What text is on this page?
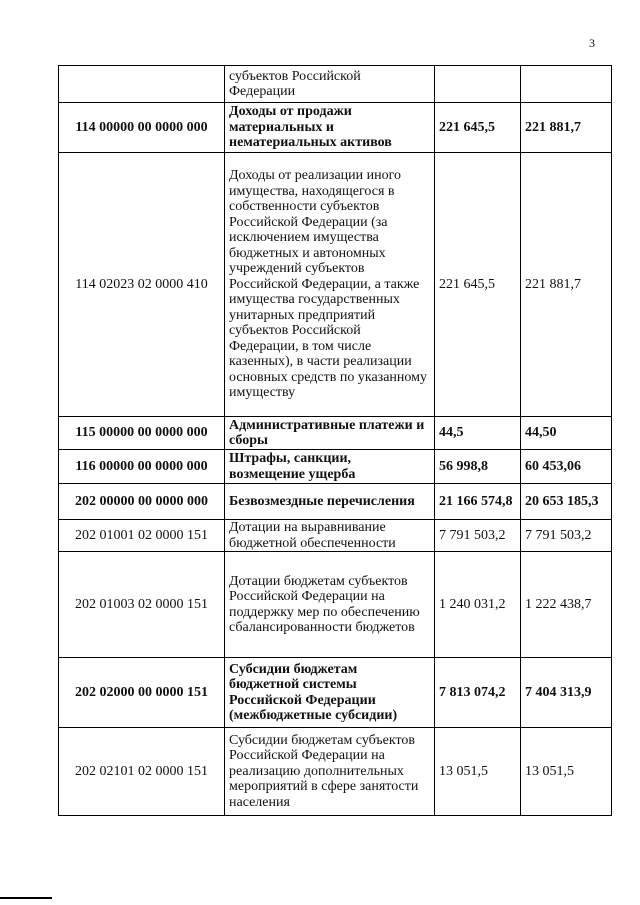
3
	субъектов Российской Федерации		
114 00000 00 0000 000	Доходы от продажи материальных и нематериальных активов	221 645,5	221 881,7
114 02023 02 0000 410	Доходы от реализации иного имущества, находящегося в собственности субъектов Российской Федерации (за исключением имущества бюджетных и автономных учреждений субъектов Российской Федерации, а также имущества государственных унитарных предприятий субъектов Российской Федерации, в том числе казенных), в части реализации основных средств по указанному имуществу	221 645,5	221 881,7
115 00000 00 0000 000	Административные платежи и сборы	44,5	44,50
116 00000 00 0000 000	Штрафы, санкции, возмещение ущерба	56 998,8	60 453,06
202 00000 00 0000 000	Безвозмездные перечисления	21 166 574,8	20 653 185,3
202 01001 02 0000 151	Дотации на выравнивание бюджетной обеспеченности	7 791 503,2	7 791 503,2
202 01003 02 0000 151	Дотации бюджетам субъектов Российской Федерации на поддержку мер по обеспечению сбалансированности бюджетов	1 240 031,2	1 222 438,7
202 02000 00 0000 151	Субсидии бюджетам бюджетной системы Российской Федерации (межбюджетные субсидии)	7 813 074,2	7 404 313,9
202 02101 02 0000 151	Субсидии бюджетам субъектов Российской Федерации на реализацию дополнительных мероприятий в сфере занятости населения	13 051,5	13 051,5
